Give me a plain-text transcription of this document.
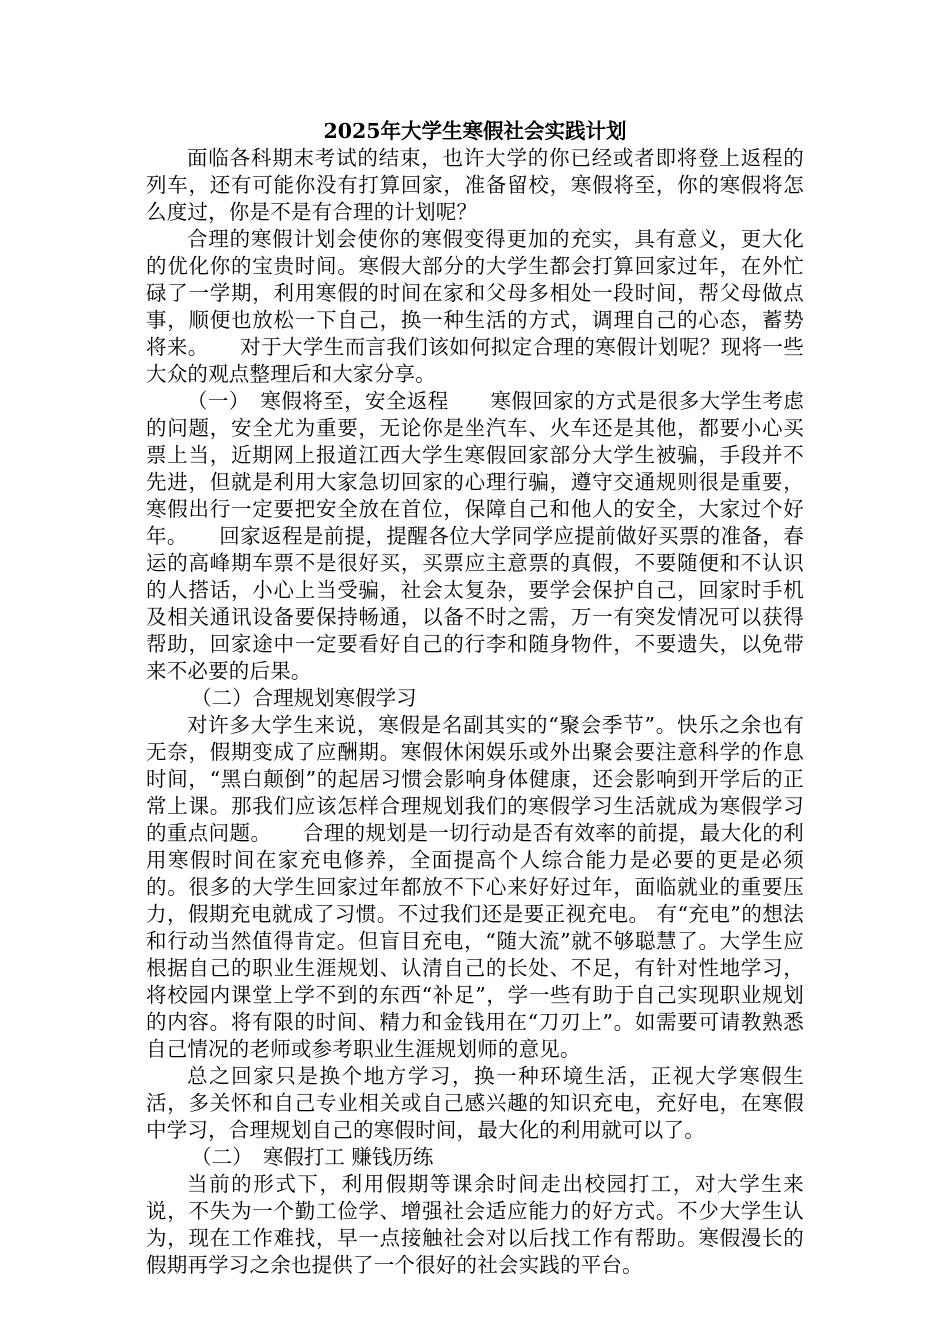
2025年大学生寒假社会实践计划

面临各科期末考试的结束，也许大学的你已经或者即将登上返程的列车，还有可能你没有打算回家，准备留校，寒假将至，你的寒假将怎么度过，你是不是有合理的计划呢？

合理的寒假计划会使你的寒假变得更加的充实，具有意义，更大化的优化你的宝贵时间。寒假大部分的大学生都会打算回家过年，在外忙碌了一学期，利用寒假的时间在家和父母多相处一段时间，帮父母做点事，顺便也放松一下自己，换一种生活的方式，调理自己的心态，蓄势将来。　　对于大学生而言我们该如何拟定合理的寒假计划呢？现将一些大众的观点整理后和大家分享。

（一）　寒假将至，安全返程　　寒假回家的方式是很多大学生考虑的问题，安全尤为重要，无论你是坐汽车、火车还是其他，都要小心买票上当，近期网上报道江西大学生寒假回家部分大学生被骗，手段并不先进，但就是利用大家急切回家的心理行骗，遵守交通规则很是重要，寒假出行一定要把安全放在首位，保障自己和他人的安全，大家过个好年。　　回家返程是前提，提醒各位大学同学应提前做好买票的准备，春运的高峰期车票不是很好买，买票应主意票的真假，不要随便和不认识的人搭话，小心上当受骗，社会太复杂，要学会保护自己，回家时手机及相关通讯设备要保持畅通，以备不时之需，万一有突发情况可以获得帮助，回家途中一定要看好自己的行李和随身物件，不要遗失，以免带来不必要的后果。

（二）合理规划寒假学习

对许多大学生来说，寒假是名副其实的“聚会季节”。快乐之余也有无奈，假期变成了应酬期。寒假休闲娱乐或外出聚会要注意科学的作息时间，“黑白颠倒”的起居习惯会影响身体健康，还会影响到开学后的正常上课。那我们应该怎样合理规划我们的寒假学习生活就成为寒假学习的重点问题。　　合理的规划是一切行动是否有效率的前提，最大化的利用寒假时间在家充电修养，全面提高个人综合能力是必要的更是必须的。很多的大学生回家过年都放不下心来好好过年，面临就业的重要压力，假期充电就成了习惯。不过我们还是要正视充电。 有“充电”的想法和行动当然值得肯定。但盲目充电，“随大流”就不够聪慧了。大学生应根据自己的职业生涯规划、认清自己的长处、不足，有针对性地学习，将校园内课堂上学不到的东西“补足”，学一些有助于自己实现职业规划的内容。将有限的时间、精力和金钱用在“刀刃上”。如需要可请教熟悉自己情况的老师或参考职业生涯规划师的意见。

总之回家只是换个地方学习，换一种环境生活，正视大学寒假生活，多关怀和自己专业相关或自己感兴趣的知识充电，充好电，在寒假中学习，合理规划自己的寒假时间，最大化的利用就可以了。

（二）　寒假打工 赚钱历练

当前的形式下，利用假期等课余时间走出校园打工，对大学生来说，不失为一个勤工俭学、增强社会适应能力的好方式。不少大学生认为，现在工作难找，早一点接触社会对以后找工作有帮助。寒假漫长的假期再学习之余也提供了一个很好的社会实践的平台。
